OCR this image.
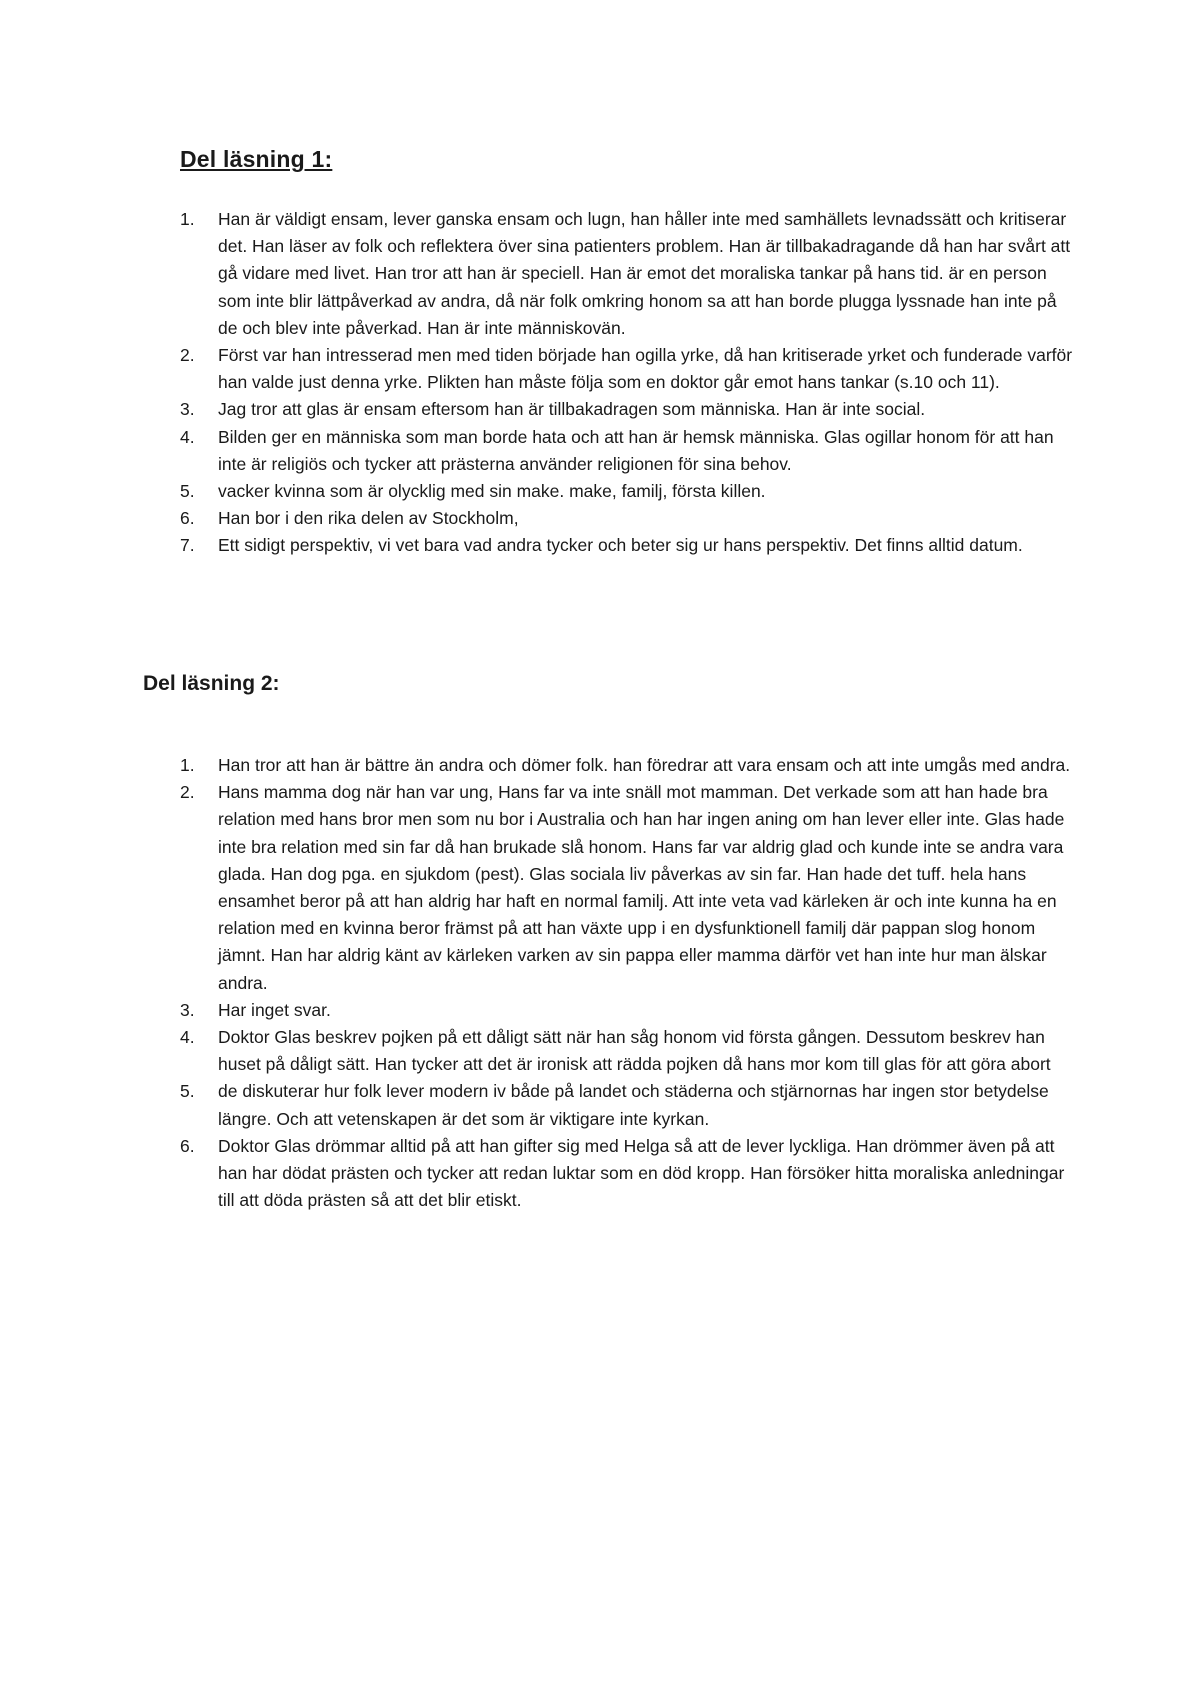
Del läsning 1:
1.	Han är väldigt ensam, lever ganska ensam och lugn, han håller inte med samhällets levnadssätt och kritiserar det. Han läser av folk och reflektera över sina patienters problem. Han är tillbakadragande då han har svårt att gå vidare med livet. Han tror att han är speciell. Han är emot det moraliska tankar på hans tid. är en person som inte blir lättpåverkad av andra, då när folk omkring honom sa att han borde plugga lyssnade han inte på de och blev inte påverkad. Han är inte människovän.
2.	Först var han intresserad men med tiden började han ogilla yrke, då han kritiserade yrket och funderade varför han valde just denna yrke. Plikten han måste följa som en doktor går emot hans tankar (s.10 och 11).
3.	Jag tror att glas är ensam eftersom han är tillbakadragen som människa. Han är inte social.
4.	Bilden ger en människa som man borde hata och att han är hemsk människa. Glas ogillar honom för att han inte är religiös och tycker att prästerna använder religionen för sina behov.
5.	vacker kvinna som är olycklig med sin make. make, familj, första killen.
6.	Han bor i den rika delen av Stockholm,
7.	Ett sidigt perspektiv, vi vet bara vad andra tycker och beter sig ur hans perspektiv. Det finns alltid datum.
Del läsning 2:
1.	Han tror att han är bättre än andra och dömer folk. han föredrar att vara ensam och att inte umgås med andra.
2.	Hans mamma dog när han var ung, Hans far va inte snäll mot mamman. Det verkade som att han hade bra relation med hans bror men som nu bor i Australia och han har ingen aning om han lever eller inte. Glas hade inte bra relation med sin far då han brukade slå honom. Hans far var aldrig glad och kunde inte se andra vara glada. Han dog pga. en sjukdom (pest). Glas sociala liv påverkas av sin far. Han hade det tuff. hela hans ensamhet beror på att han aldrig har haft en normal familj. Att inte veta vad kärleken är och inte kunna ha en relation med en kvinna beror främst på att han växte upp i en dysfunktionell familj där pappan slog honom jämnt. Han har aldrig känt av kärleken varken av sin pappa eller mamma därför vet han inte hur man älskar andra.
3.	Har inget svar.
4.	Doktor Glas beskrev pojken på ett dåligt sätt när han såg honom vid första gången. Dessutom beskrev han huset på dåligt sätt. Han tycker att det är ironisk att rädda pojken då hans mor kom till glas för att göra abort
5.	de diskuterar hur folk lever modern iv både på landet och städerna och stjärnornas har ingen stor betydelse längre. Och att vetenskapen är det som är viktigare inte kyrkan.
6.	Doktor Glas drömmar alltid på att han gifter sig med Helga så att de lever lyckliga. Han drömmer även på att han har dödat prästen och tycker att redan luktar som en död kropp. Han försöker hitta moraliska anledningar till att döda prästen så att det blir etiskt.
